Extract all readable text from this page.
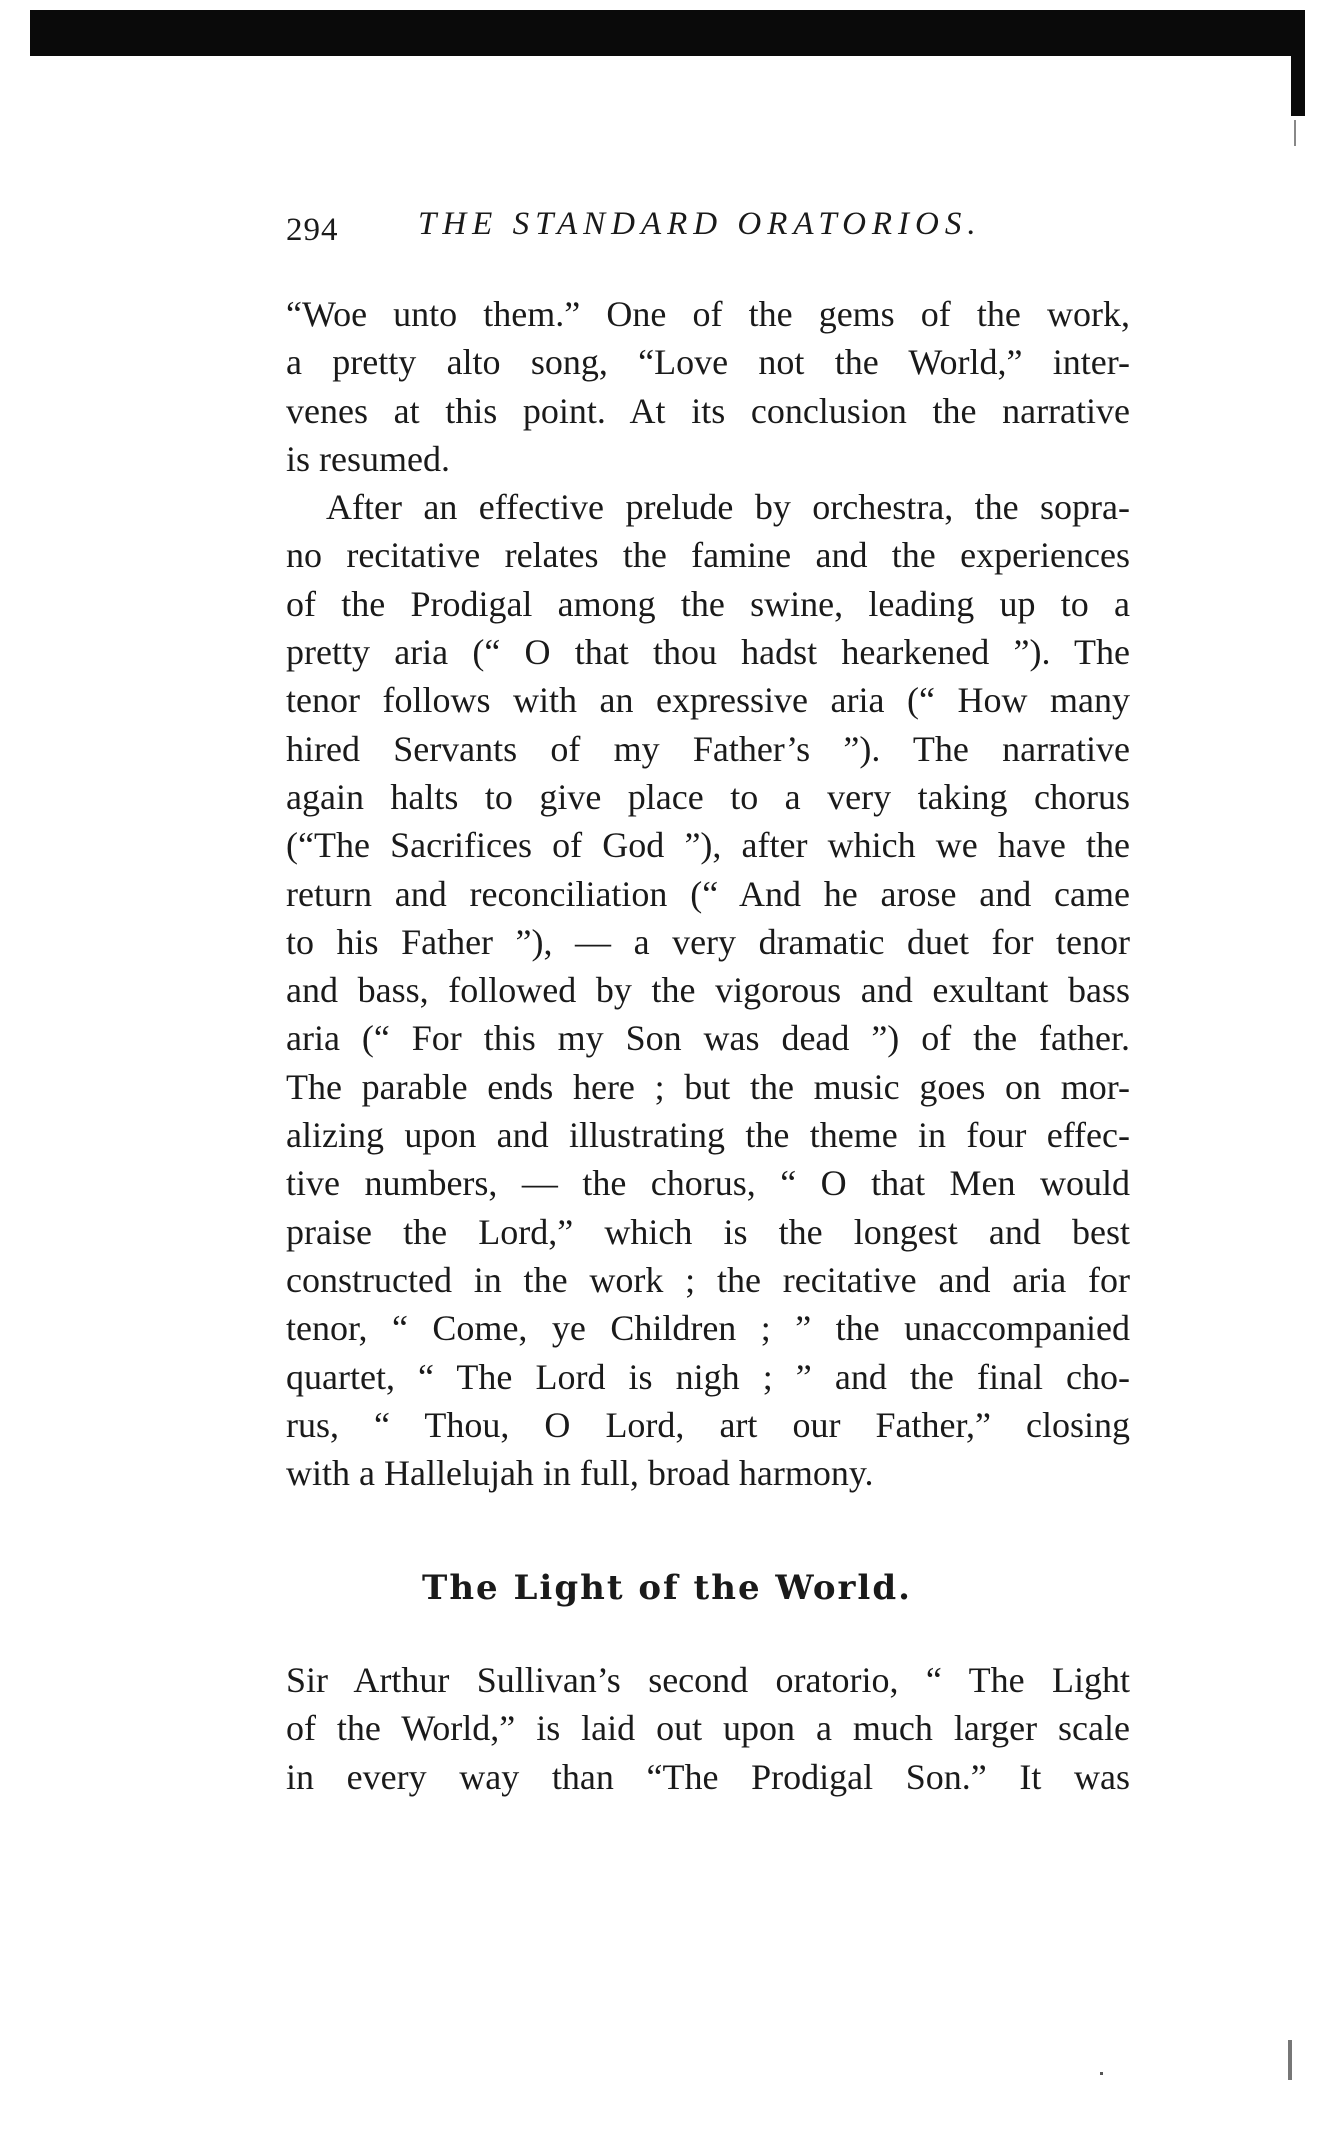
294 THE STANDARD ORATORIOS.
“Woe unto them.” One of the gems of the work,
a pretty alto song, “Love not the World,” inter-
venes at this point. At its conclusion the narrative
is resumed.
After an effective prelude by orchestra, the sopra-
no recitative relates the famine and the experiences
of the Prodigal among the swine, leading up to a
pretty aria (“ O that thou hadst hearkened ”). The
tenor follows with an expressive aria (“ How many
hired Servants of my Father’s ”). The narrative
again halts to give place to a very taking chorus
(“The Sacrifices of God ”), after which we have the
return and reconciliation (“ And he arose and came
to his Father ”), — a very dramatic duet for tenor
and bass, followed by the vigorous and exultant bass
aria (“ For this my Son was dead ”) of the father.
The parable ends here ; but the music goes on mor-
alizing upon and illustrating the theme in four effec-
tive numbers, — the chorus, “ O that Men would
praise the Lord,” which is the longest and best
constructed in the work ; the recitative and aria for
tenor, “ Come, ye Children ; ” the unaccompanied
quartet, “ The Lord is nigh ; ” and the final cho-
rus, “ Thou, O Lord, art our Father,” closing
with a Hallelujah in full, broad harmony.
The Light of the World.
Sir Arthur Sullivan’s second oratorio, “ The Light
of the World,” is laid out upon a much larger scale
in every way than “The Prodigal Son.” It was
